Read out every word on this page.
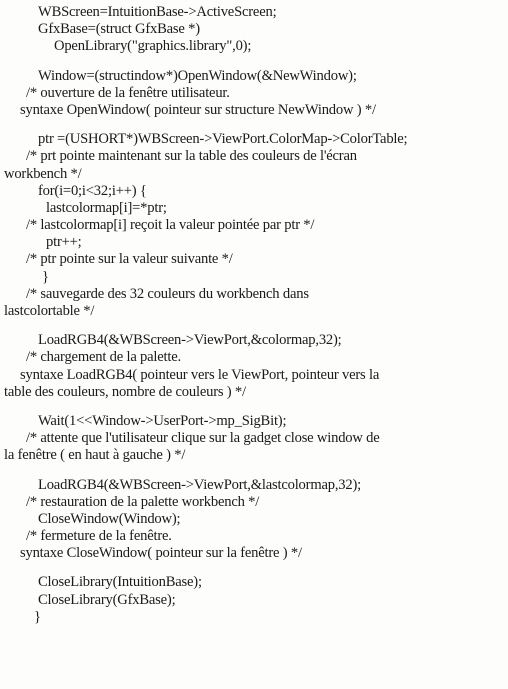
WBScreen=IntuitionBase->ActiveScreen;
GfxBase=(struct GfxBase *)
OpenLibrary("graphics.library",0);
Window=(structindow*)OpenWindow(&NewWindow);
/* ouverture de la fenêtre utilisateur.
syntaxe OpenWindow( pointeur sur structure NewWindow ) */
ptr =(USHORT*)WBScreen->ViewPort.ColorMap->ColorTable;
/* prt pointe maintenant sur la table des couleurs de l'écran
workbench */
for(i=0;i<32;i++) {
lastcolormap[i]=*ptr;
/* lastcolormap[i] reçoit la valeur pointée par ptr */
ptr++;
/* ptr pointe sur la valeur suivante */
}
/* sauvegarde des 32 couleurs du workbench dans
lastcolortable */
LoadRGB4(&WBScreen->ViewPort,&colormap,32);
/* chargement de la palette.
syntaxe LoadRGB4( pointeur vers le ViewPort, pointeur vers la
table des couleurs, nombre de couleurs ) */
Wait(1<<Window->UserPort->mp_SigBit);
/* attente que l'utilisateur clique sur la gadget close window de
la fenêtre ( en haut à gauche ) */
LoadRGB4(&WBScreen->ViewPort,&lastcolormap,32);
/* restauration de la palette workbench */
CloseWindow(Window);
/* fermeture de la fenêtre.
syntaxe CloseWindow( pointeur sur la fenêtre ) */
CloseLibrary(IntuitionBase);
CloseLibrary(GfxBase);
}
